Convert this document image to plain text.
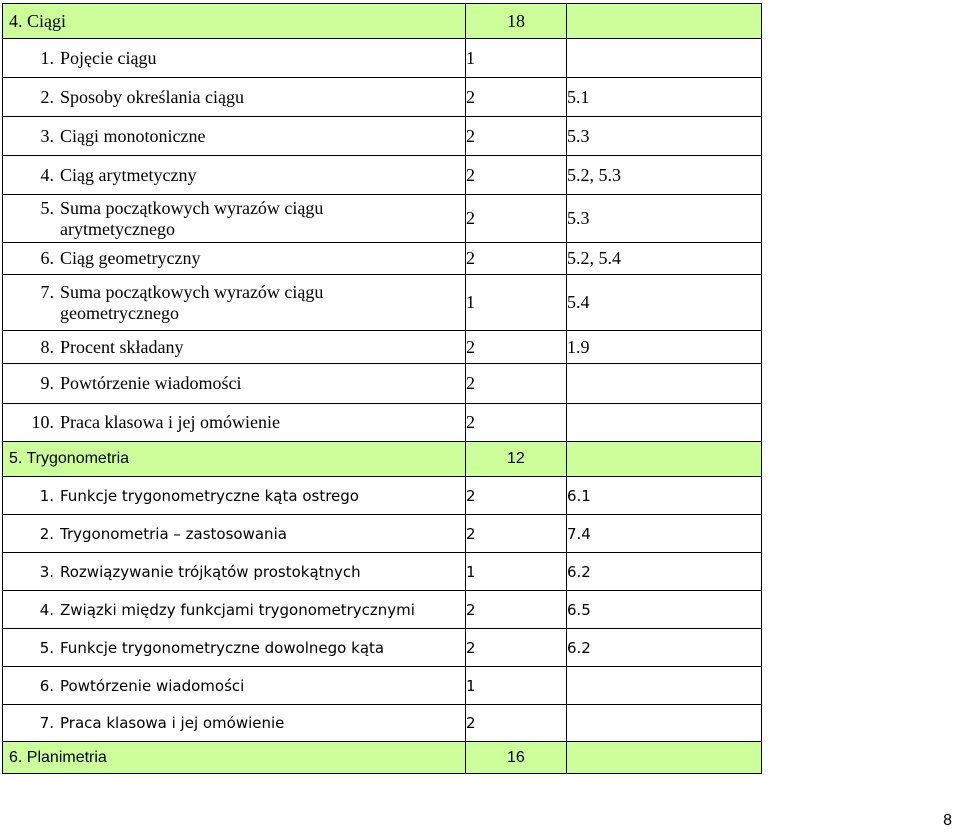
4. Ciągi	18	

1. Pojęcie ciągu	1	

2. Sposoby określania ciągu	2	5.1

3. Ciągi monotoniczne	2	5.3

4. Ciąg arytmetyczny	2	5.2, 5.3

5. Suma początkowych wyrazów ciągu arytmetycznego	2	5.3

6. Ciąg geometryczny	2	5.2, 5.4

7. Suma początkowych wyrazów ciągu geometrycznego	1	5.4

8. Procent składany	2	1.9

9. Powtórzenie wiadomości	2	

10. Praca klasowa i jej omówienie	2	
5. Trygonometria	12	

1. Funkcje trygonometryczne kąta ostrego	2	6.1

2. Trygonometria – zastosowania	2	7.4

3. Rozwiązywanie trójkątów prostokątnych	1	6.2

4. Związki między funkcjami trygonometrycznymi	2	6.5

5. Funkcje trygonometryczne dowolnego kąta	2	6.2

6. Powtórzenie wiadomości	1	

7. Praca klasowa i jej omówienie	2	
6. Planimetria	16	
8
